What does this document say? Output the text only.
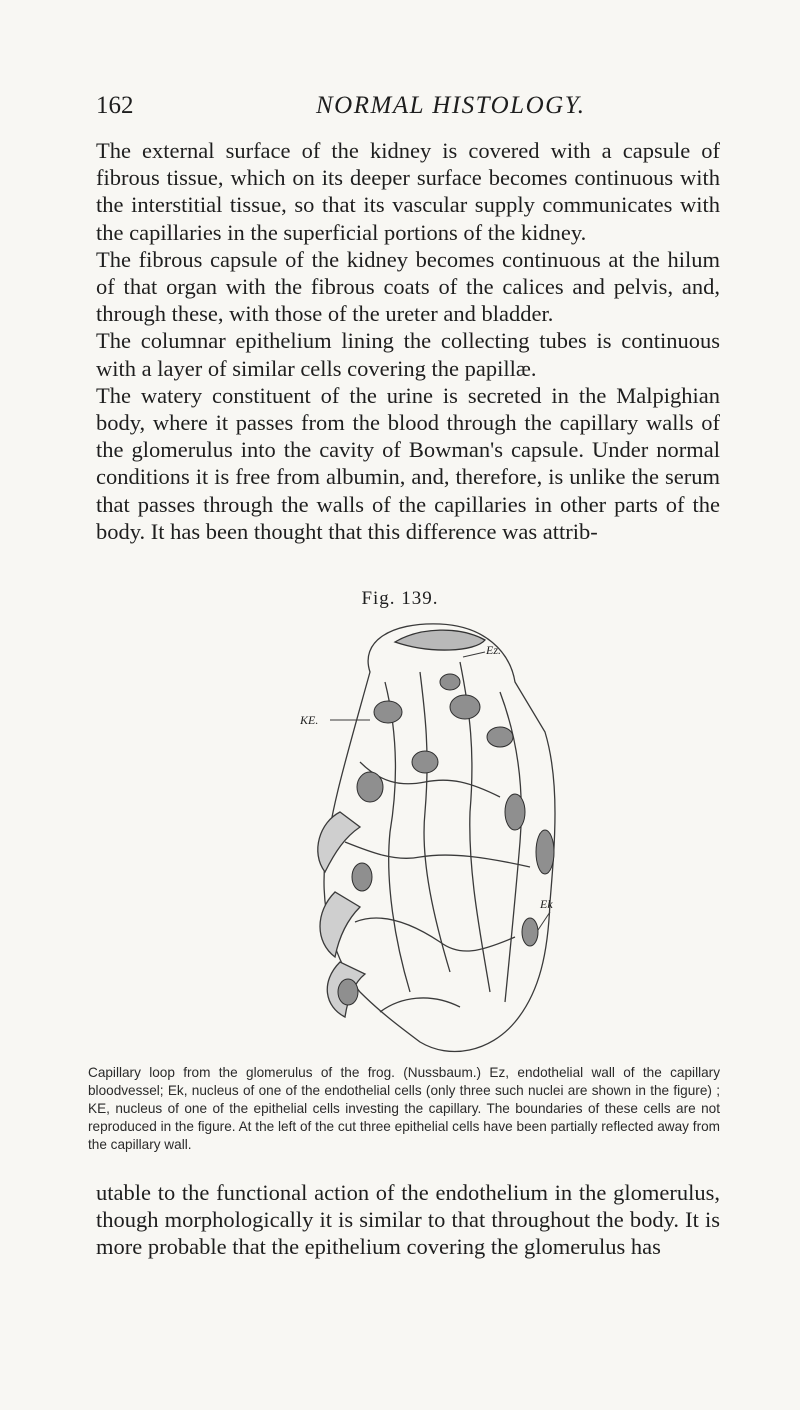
162	NORMAL HISTOLOGY.

The external surface of the kidney is covered with a capsule of fibrous tissue, which on its deeper surface becomes continuous with the interstitial tissue, so that its vascular supply communicates with the capillaries in the superficial portions of the kidney.

The fibrous capsule of the kidney becomes continuous at the hilum of that organ with the fibrous coats of the calices and pelvis, and, through these, with those of the ureter and bladder.

The columnar epithelium lining the collecting tubes is continuous with a layer of similar cells covering the papillæ.

The watery constituent of the urine is secreted in the Malpighian body, where it passes from the blood through the capillary walls of the glomerulus into the cavity of Bowman's capsule. Under normal conditions it is free from albumin, and, therefore, is unlike the serum that passes through the walls of the capillaries in other parts of the body. It has been thought that this difference was attrib-

Fig. 139.
Ez.
KE.
Ek
Capillary loop from the glomerulus of the frog. (Nussbaum.) Ez, endothelial wall of the capillary bloodvessel; Ek, nucleus of one of the endothelial cells (only three such nuclei are shown in the figure) ; KE, nucleus of one of the epithelial cells investing the capillary. The boundaries of these cells are not reproduced in the figure. At the left of the cut three epithelial cells have been partially reflected away from the capillary wall.

utable to the functional action of the endothelium in the glomerulus, though morphologically it is similar to that throughout the body. It is more probable that the epithelium covering the glomerulus has
